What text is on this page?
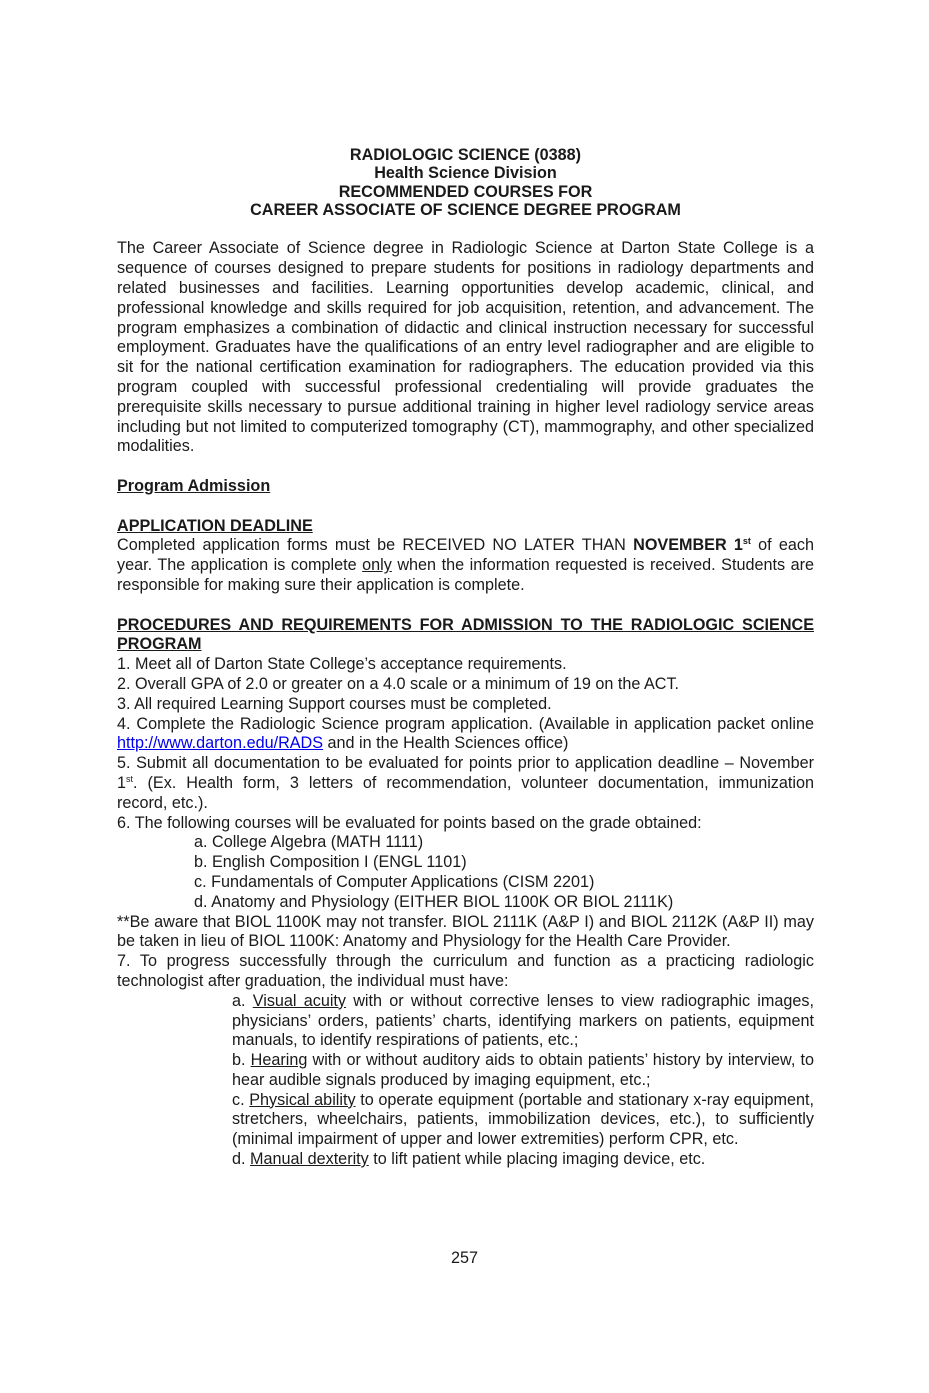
RADIOLOGIC SCIENCE (0388)
Health Science Division
RECOMMENDED COURSES FOR
CAREER ASSOCIATE OF SCIENCE DEGREE PROGRAM

The Career Associate of Science degree in Radiologic Science at Darton State College is a sequence of courses designed to prepare students for positions in radiology departments and related businesses and facilities. Learning opportunities develop academic, clinical, and professional knowledge and skills required for job acquisition, retention, and advancement. The program emphasizes a combination of didactic and clinical instruction necessary for successful employment. Graduates have the qualifications of an entry level radiographer and are eligible to sit for the national certification examination for radiographers. The education provided via this program coupled with successful professional credentialing will provide graduates the prerequisite skills necessary to pursue additional training in higher level radiology service areas including but not limited to computerized tomography (CT), mammography, and other specialized modalities.

Program Admission

APPLICATION DEADLINE

Completed application forms must be RECEIVED NO LATER THAN NOVEMBER 1st of each year. The application is complete only when the information requested is received. Students are responsible for making sure their application is complete.

PROCEDURES AND REQUIREMENTS FOR ADMISSION TO THE RADIOLOGIC SCIENCE PROGRAM

1. Meet all of Darton State College’s acceptance requirements.

2. Overall GPA of 2.0 or greater on a 4.0 scale or a minimum of 19 on the ACT.

3. All required Learning Support courses must be completed.

4. Complete the Radiologic Science program application. (Available in application packet online http://www.darton.edu/RADS and in the Health Sciences office)

5. Submit all documentation to be evaluated for points prior to application deadline – November 1st. (Ex. Health form, 3 letters of recommendation, volunteer documentation, immunization record, etc.).

6. The following courses will be evaluated for points based on the grade obtained:

a. College Algebra (MATH 1111)

b. English Composition I (ENGL 1101)

c. Fundamentals of Computer Applications (CISM 2201)

d. Anatomy and Physiology (EITHER BIOL 1100K OR BIOL 2111K)

**Be aware that BIOL 1100K may not transfer. BIOL 2111K (A&P I) and BIOL 2112K (A&P II) may be taken in lieu of BIOL 1100K: Anatomy and Physiology for the Health Care Provider.

7. To progress successfully through the curriculum and function as a practicing radiologic technologist after graduation, the individual must have:

a. Visual acuity with or without corrective lenses to view radiographic images, physicians’ orders, patients’ charts, identifying markers on patients, equipment manuals, to identify respirations of patients, etc.;

b. Hearing with or without auditory aids to obtain patients’ history by interview, to hear audible signals produced by imaging equipment, etc.;

c. Physical ability to operate equipment (portable and stationary x-ray equipment, stretchers, wheelchairs, patients, immobilization devices, etc.), to sufficiently (minimal impairment of upper and lower extremities) perform CPR, etc.

d. Manual dexterity to lift patient while placing imaging device, etc.

257
